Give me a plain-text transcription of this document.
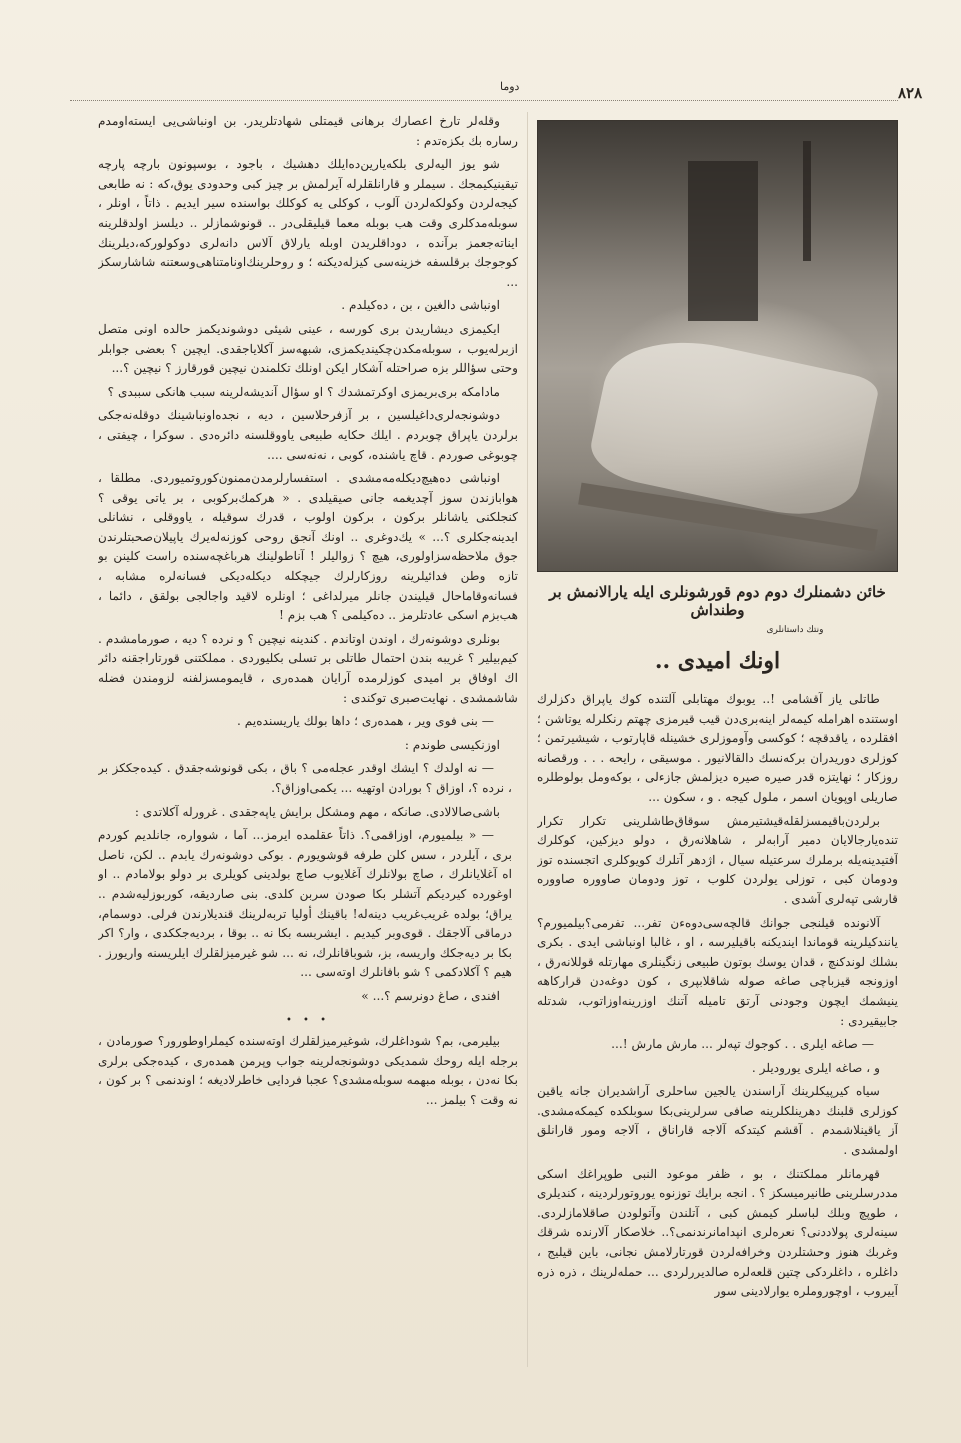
٨٢٨
دوما

وقله‌لر تارخ اعصارك برهانی قیمتلی شهادتلریدر. بن اونباشی‌یی ایسته‌اومدم رساره بك بكزه‌تدم :

شو یوز الیه‌لری بلکه‌یارین‌ده‌ایلك دهشیك ، باجود ، بوسپونون بارچه پارچه تیقینیکیمجك . سیملر و قارانلقلرله آیرلمش بر چیز کبی وحدودی یوق،كه : نه طابعی کیجه‌لردن وکولکه‌لردن آلوب ، کوکلی یه کوکلك بواسنده سیر ایدیم . ذاتاً ، اونلر ، سوبله‌مدکلری وقت هب بوبله معما قیلیقلی‌در .. قونوشمازلر .. دیلسز اولدقلرینه ایناته‌جعمز برآنده ، دوداقلریدن اوبله یارلاق آلاس دانه‌لری دوکولورکه،دیلرینك کوجوجك برقلسفه خزینه‌سی کیزله‌دیکنه ؛ و روحلرینك‌اونامتناهی‌وسعتنه شاشارسکز ...

اونباشی دالغین ، بن ، ده‌کیلدم .

ایکیمزی دیشاریدن بری کورسه ، عینی شیئی دوشوندیکمز حالده اونی متصل ازبرله‌یوب ، سوبله‌مکدن‌چکیندیکمزی، شبهه‌سز آکلایاجقدی. ایچین ؟ بعضی جوابلر وحتی سؤاللر بزه صراحتله آشکار ایکن اونلك تکلمندن نیچین قورقارز ؟ نیچین ؟...

مادامکه بری‌بریمزی اوکرتمشدك ؟ او سؤال آندیشه‌لرینه سبب هانکی سببدی ؟

دوشونجه‌لری‌داغیلسین ، بر آزفرحلاسین ، دیه ، نجده‌اونباشینك دوقله‌نه‌جکی برلردن یاپراق چوبردم . ایلك حکایه طبیعی یاووقلسنه دائره‌دی . سوکرا ، چیفتی ، چوبوغی صوردم . قاچ یاشنده، کوبی ، نه‌نه‌سی ....

اونباشی ده‌هیچ‌دیکله‌مه‌مشدی . استفسارلرمدن‌ممنون‌کوروتمیوردی. مطلقا ، هوابازندن سوز آچدیغمه جانی صیقیلدی . « هرکمك‌بركوبی ، بر یاتی یوقی ؟ کنجلکنی یاشانلر بركون ، بركون اولوب ، قدرك سوقیله ، یاووقلی ، نشانلی ایدینه‌جکلری ؟... » یك‌دوغری .. اونك آنجق روحی کوزنه‌له‌یرك یاپیلان‌صحبتلرندن جوق ملاحظه‌سزاولوری، هیچ ؟ زوالیلر ! آناطولینك هرباغچه‌سنده راست کلینن بو تازه وطن فدائیلرینه روزکارلرك جیچکله دیکله‌دیکی فسانه‌لره مشابه ، فسانه‌وقاماحال قیلیندن جانلر میرلداغی ؛ اونلره لاقید واجالجی بولقق ، دائما ، هب‌بزم اسکی عادتلرمز .. ده‌کیلمی ؟ هب بزم !

بونلری دوشونه‌رك ، اوندن اوتاندم . کندینه نیچین ؟ و نرده ؟ دیه ، صورمامشدم . کیم‌بیلیر ؟ غریبه بندن احتمال طاتلی بر تسلی بکلیوردی . مملکتنی قورتاراجقنه دائر اك اوفاق بر امیدی کوزلرمده آرایان همده‌ری ، قایمومسزلفنه لزومندن فضله شاشمشدی . نهایت‌صبری توکندی :

— بنی فوی ویر ، همده‌ری ؛ داها بولك یاریسنده‌یم .

اوزنکیسی طوندم :

— نه اولدك ؟ ایشك اوقدر عجله‌می ؟ باق ، بکی قونوشه‌جقدق . کیده‌جککز بر ، نرده ؟، اوزاق ؟ بورادن اوتهیه ... یکمی‌اوزاق؟.

باشی‌صالالادی. صانکه ، مهم ومشکل برایش یاپه‌جقدی . غرورله آکلاتدی :

— « بیلمیورم، اوزاقمی؟. ذاتاً عقلمده ایرمز... آما ، شوواره، جانلدیم کوردم بری ، آیلردر ، سس کلن طرفه قوشویورم . بوکی دوشونه‌رك یابدم .. لکن، ناصل اه آغلایانلرك ، صاچ بولانلرك آغلایوب صاچ بولدینی کویلری بر دولو بولامادم .. او اوغورده کیردیکم آتشلر بکا صودن سربن کلدی. بنی صاردیقه، کوربوزلیه‌شدم .. یراق؛ بولده غریب‌غریب دینه‌له! باقینك أولیا تربه‌لرینك قندیلارندن فرلی. دوسمام، درماقی آلاجقك . قوی‌وبر کیدیم . ایشربسه بکا نه .. بوقا ، بردیه‌جککدی ، وار؟ اكر بکا بر دیه‌جکك واریسه، بز، شوباقانلرك، نه ... شو غیرمیزلقلرك ایلریسنه واریورز . هیم ؟ آکلادکمی ؟ شو بافانلرك اوته‌سی ...

افندی ، صاغ دونرسم ؟... »

• • •

بیلیرمی، بم؟ شوداغلرك، شوغیرمیزلقلرك اوته‌سنده کیملراوطورور؟ صورمادن ، برجله ایله روحك شمدیکی دوشونجه‌لرینه جواب وپرمن همده‌ری ، کیده‌جکی برلری بکا نه‌دن ، بوبله مبهمه سوبله‌مشدی؟ عجبا فردایی خاطرلادیغه ؛ اوندنمی ؟ بر کون ، نه وقت ؟ بیلمز ...

خائن دشمنلرك دوم دوم قورشونلری ایله یارالانمش بر وطنداش
ونتك داستانلری
اونك امیدی ..

طاتلی یاز آقشامی !.. یوبوك مهتابلی آلتنده کوك یاپراق دکزلرك اوستنده اهرامله کیمه‌لر اینه‌بری‌دن قیب قیرمزی چهتم رنکلرله یوتاشن ؛ افقلرده ، یاقدقچه ؛ کوکسی وآوموزلری خشینله قاپارتوب ، شیشیرتمن ؛ کوزلری دوریدران برکه‌نسك دالقالانیور . موسیقی ، رایحه . . . ورقصانه روزکار ؛ نهایتزه قدر صیره صیره دیزلمش جازءلی ، بوکه‌ومل بولوطلره صاریلی اوپویان اسمر ، ملول کیجه . و ، سکون ...

برلردن‌باقیمسزلقله‌قیشتیرمش سوقاق‌طاشلرینی تکرار تکرار تنده‌یارجالایان دمیر آرابه‌لر ، شاهلانه‌رق ، دولو دیزکین، کوکلرك آفتیدینه‌یله برملرك سرعتیله سیال ، اژدهر آتلرك کویوکلری اتجسنده توز ودومان کبی ، توزلی یولردن کلوب ، توز ودومان صاووره صاووره قارشی تپه‌لری آشدی .

آلانونده قیلنجی جوانك قالچه‌سی‌دوه‌ءن تفر... تفرمی؟بیلمیورم؟ یانندکیلرینه قوماندا ایندیکنه باقیلیرسه ، او ، غالبا اونباشی ایدی . بکری بشلك لوندکنچ ، قدان یوسك بوتون طبیعی زنگینلری مهارتله قوللانه‌رق ، اوزونجه قیزباچی صاغه صوله شاقلابپری ، کون دوغه‌دن قرارکاهه ینیشمك ایچون وجودنی آرتق تامیله آتنك اوزرینه‌اوزاتوب، شدتله جابیقیردی :

— صاغه ایلری . . کوجوك تپه‌لر ... مارش مارش !...

و ، صاغه ایلری یورودیلر .

سیاه کیرپیکلرینك آراسندن یالجین ساحلری آراشدیران جانه یاقین کوزلری قلبنك دهرینلکلرینه صافی سرلرینی‌بکا سوبلکده کیمکه‌مشدی. آز یاقینلاشمدم . آقشم کیتدکه آلاجه قاراناق ، آلاجه ومور قارانلق اولمشدی .

قهرمانلر مملکتنك ، بو ، ظفر موعود النبی طوپراغك اسکی مددرسلرینی طانیرمیسکز ؟ . انجه برایك توزنوه یوروتورلردینه ، کندیلری ، طوپچ وبلك لباسلر کیمش کبی ، آتلندن وآتولودن صاقلامازلردی. سینه‌لری پولاددنی؟ نعره‌لری انپدامانرندنمی؟.. خلاصکار آلارنده شرقك وغربك هنوز وحشتلردن وخرافه‌لردن قورتارلامش نجانی، باین قیلیج ، داغلره ، داغلردکی چتین قلعه‌لره صالدیررلردی ... حمله‌لرینك ، ذره ذره آییروب ، اوچوروملره یوارلادینی سور
